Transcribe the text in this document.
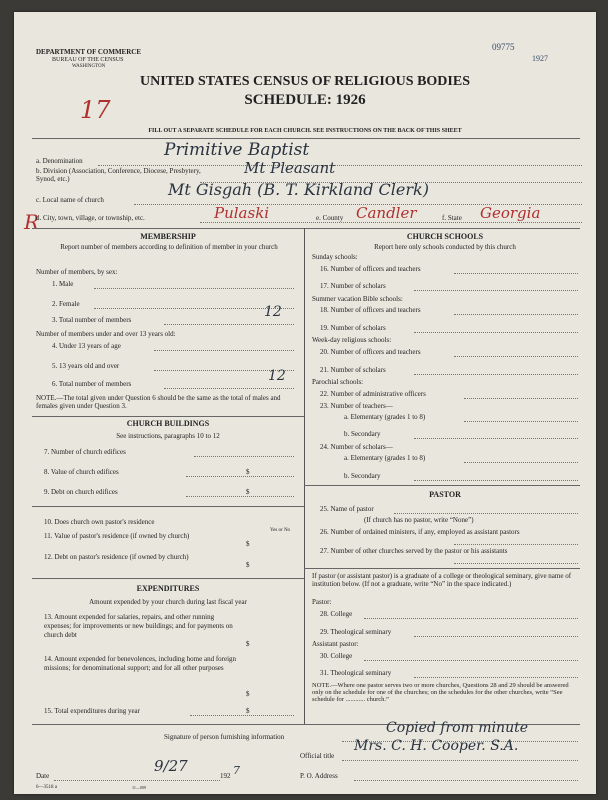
DEPARTMENT OF COMMERCE
BUREAU OF THE CENSUS
WASHINGTON
09775
1927
17
UNITED STATES CENSUS OF RELIGIOUS BODIES
SCHEDULE: 1926
FILL OUT A SEPARATE SCHEDULE FOR EACH CHURCH. SEE INSTRUCTIONS ON THE BACK OF THIS SHEET
a. Denomination
Primitive Baptist
b. Division (Association, Conference, Diocese, Presbytery, Synod, etc.)
Mt Pleasant
c. Local name of church
Mt Gisgah (B. T. Kirkland Clerk)
R
d. City, town, village, or township, etc.	Pulaski	e. County Candler	f. State Georgia
MEMBERSHIP
Report number of members according to definition of member in your church
Number of members, by sex:
1. Male
2. Female
3. Total number of members	12
Number of members under and over 13 years old:
4. Under 13 years of age
5. 13 years old and over
6. Total number of members	12
NOTE.—The total given under Question 6 should be the same as the total of males and females given under Question 3.
CHURCH BUILDINGS
See instructions, paragraphs 10 to 12
7. Number of church edifices
8. Value of church edifices	$
9. Debt on church edifices	$
10. Does church own pastor's residence
Yes or No
11. Value of pastor's residence (if owned by church)
$
12. Debt on pastor's residence (if owned by church)
$
EXPENDITURES
Amount expended by your church during last fiscal year
13. Amount expended for salaries, repairs, and other running expenses; for improvements or new buildings; and for payments on church debt
$
14. Amount expended for benevolences, including home and foreign missions; for denominational support; and for all other purposes
$
15. Total expenditures during year	$
CHURCH SCHOOLS
Report here only schools conducted by this church
Sunday schools:
16. Number of officers and teachers
17. Number of scholars
Summer vacation Bible schools:
18. Number of officers and teachers
19. Number of scholars
Week-day religious schools:
20. Number of officers and teachers
21. Number of scholars
Parochial schools:
22. Number of administrative officers
23. Number of teachers—
a. Elementary (grades 1 to 8)
b. Secondary
24. Number of scholars—
a. Elementary (grades 1 to 8)
b. Secondary
PASTOR
25. Name of pastor
(If church has no pastor, write “None”)
26. Number of ordained ministers, if any, employed as assistant pastors
27. Number of other churches served by the pastor or his assistants
If pastor (or assistant pastor) is a graduate of a college or theological seminary, give name of institution below. (If not a graduate, write “No” in the space indicated.)
Pastor:
28. College
29. Theological seminary
Assistant pastor:
30. College
31. Theological seminary
NOTE.—Where one pastor serves two or more churches, Questions 28 and 29 should be answered only on the schedule for one of the churches; on the schedules for the other churches, write “See schedule for ............ church.”
Signature of person furnishing information
Copied from minute
Official title
Mrs. C. H. Cooper. S.A.
Date
9/27
192 7	P. O. Address
6—3518 a	11—009
